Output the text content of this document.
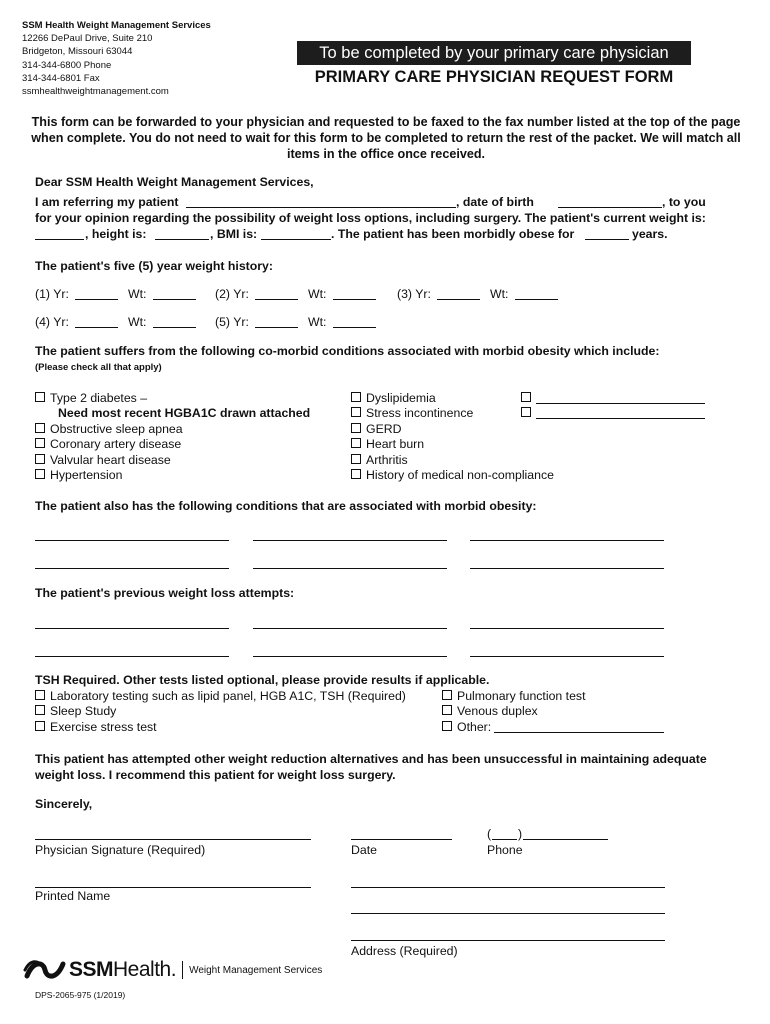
SSM Health Weight Management Services
12266 DePaul Drive, Suite 210
Bridgeton, Missouri 63044
314-344-6800 Phone
314-344-6801 Fax
ssmhealthweightmanagement.com
To be completed by your primary care physician
PRIMARY CARE PHYSICIAN REQUEST FORM
This form can be forwarded to your physician and requested to be faxed to the fax number listed at the top of the page when complete. You do not need to wait for this form to be completed to return the rest of the packet. We will match all items in the office once received.
Dear SSM Health Weight Management Services,
I am referring my patient	, date of birth	, to you
for your opinion regarding the possibility of weight loss options, including surgery. The patient's current weight is:
, height is:	, BMI is:	. The patient has been morbidly obese for	years.
The patient's five (5) year weight history:
(1) Yr:	Wt:	(2) Yr:	Wt:	(3) Yr:	Wt:
(4) Yr:	Wt:	(5) Yr:	Wt:
The patient suffers from the following co-morbid conditions associated with morbid obesity which include:
(Please check all that apply)
Type 2 diabetes –
Need most recent HGBA1C drawn attached
Obstructive sleep apnea
Coronary artery disease
Valvular heart disease
Hypertension
Dyslipidemia
Stress incontinence
GERD
Heart burn
Arthritis
History of medical non-compliance
The patient also has the following conditions that are associated with morbid obesity:
The patient's previous weight loss attempts:
TSH Required. Other tests listed optional, please provide results if applicable.
Laboratory testing such as lipid panel, HGB A1C, TSH (Required)
Sleep Study
Exercise stress test
Pulmonary function test
Venous duplex
Other:
This patient has attempted other weight reduction alternatives and has been unsuccessful in maintaining adequate weight loss. I recommend this patient for weight loss surgery.
Sincerely,
Physician Signature (Required)	Date
( )
Phone
Printed Name
Address (Required)
SSM Health. Weight Management Services
DPS-2065-975 (1/2019)
